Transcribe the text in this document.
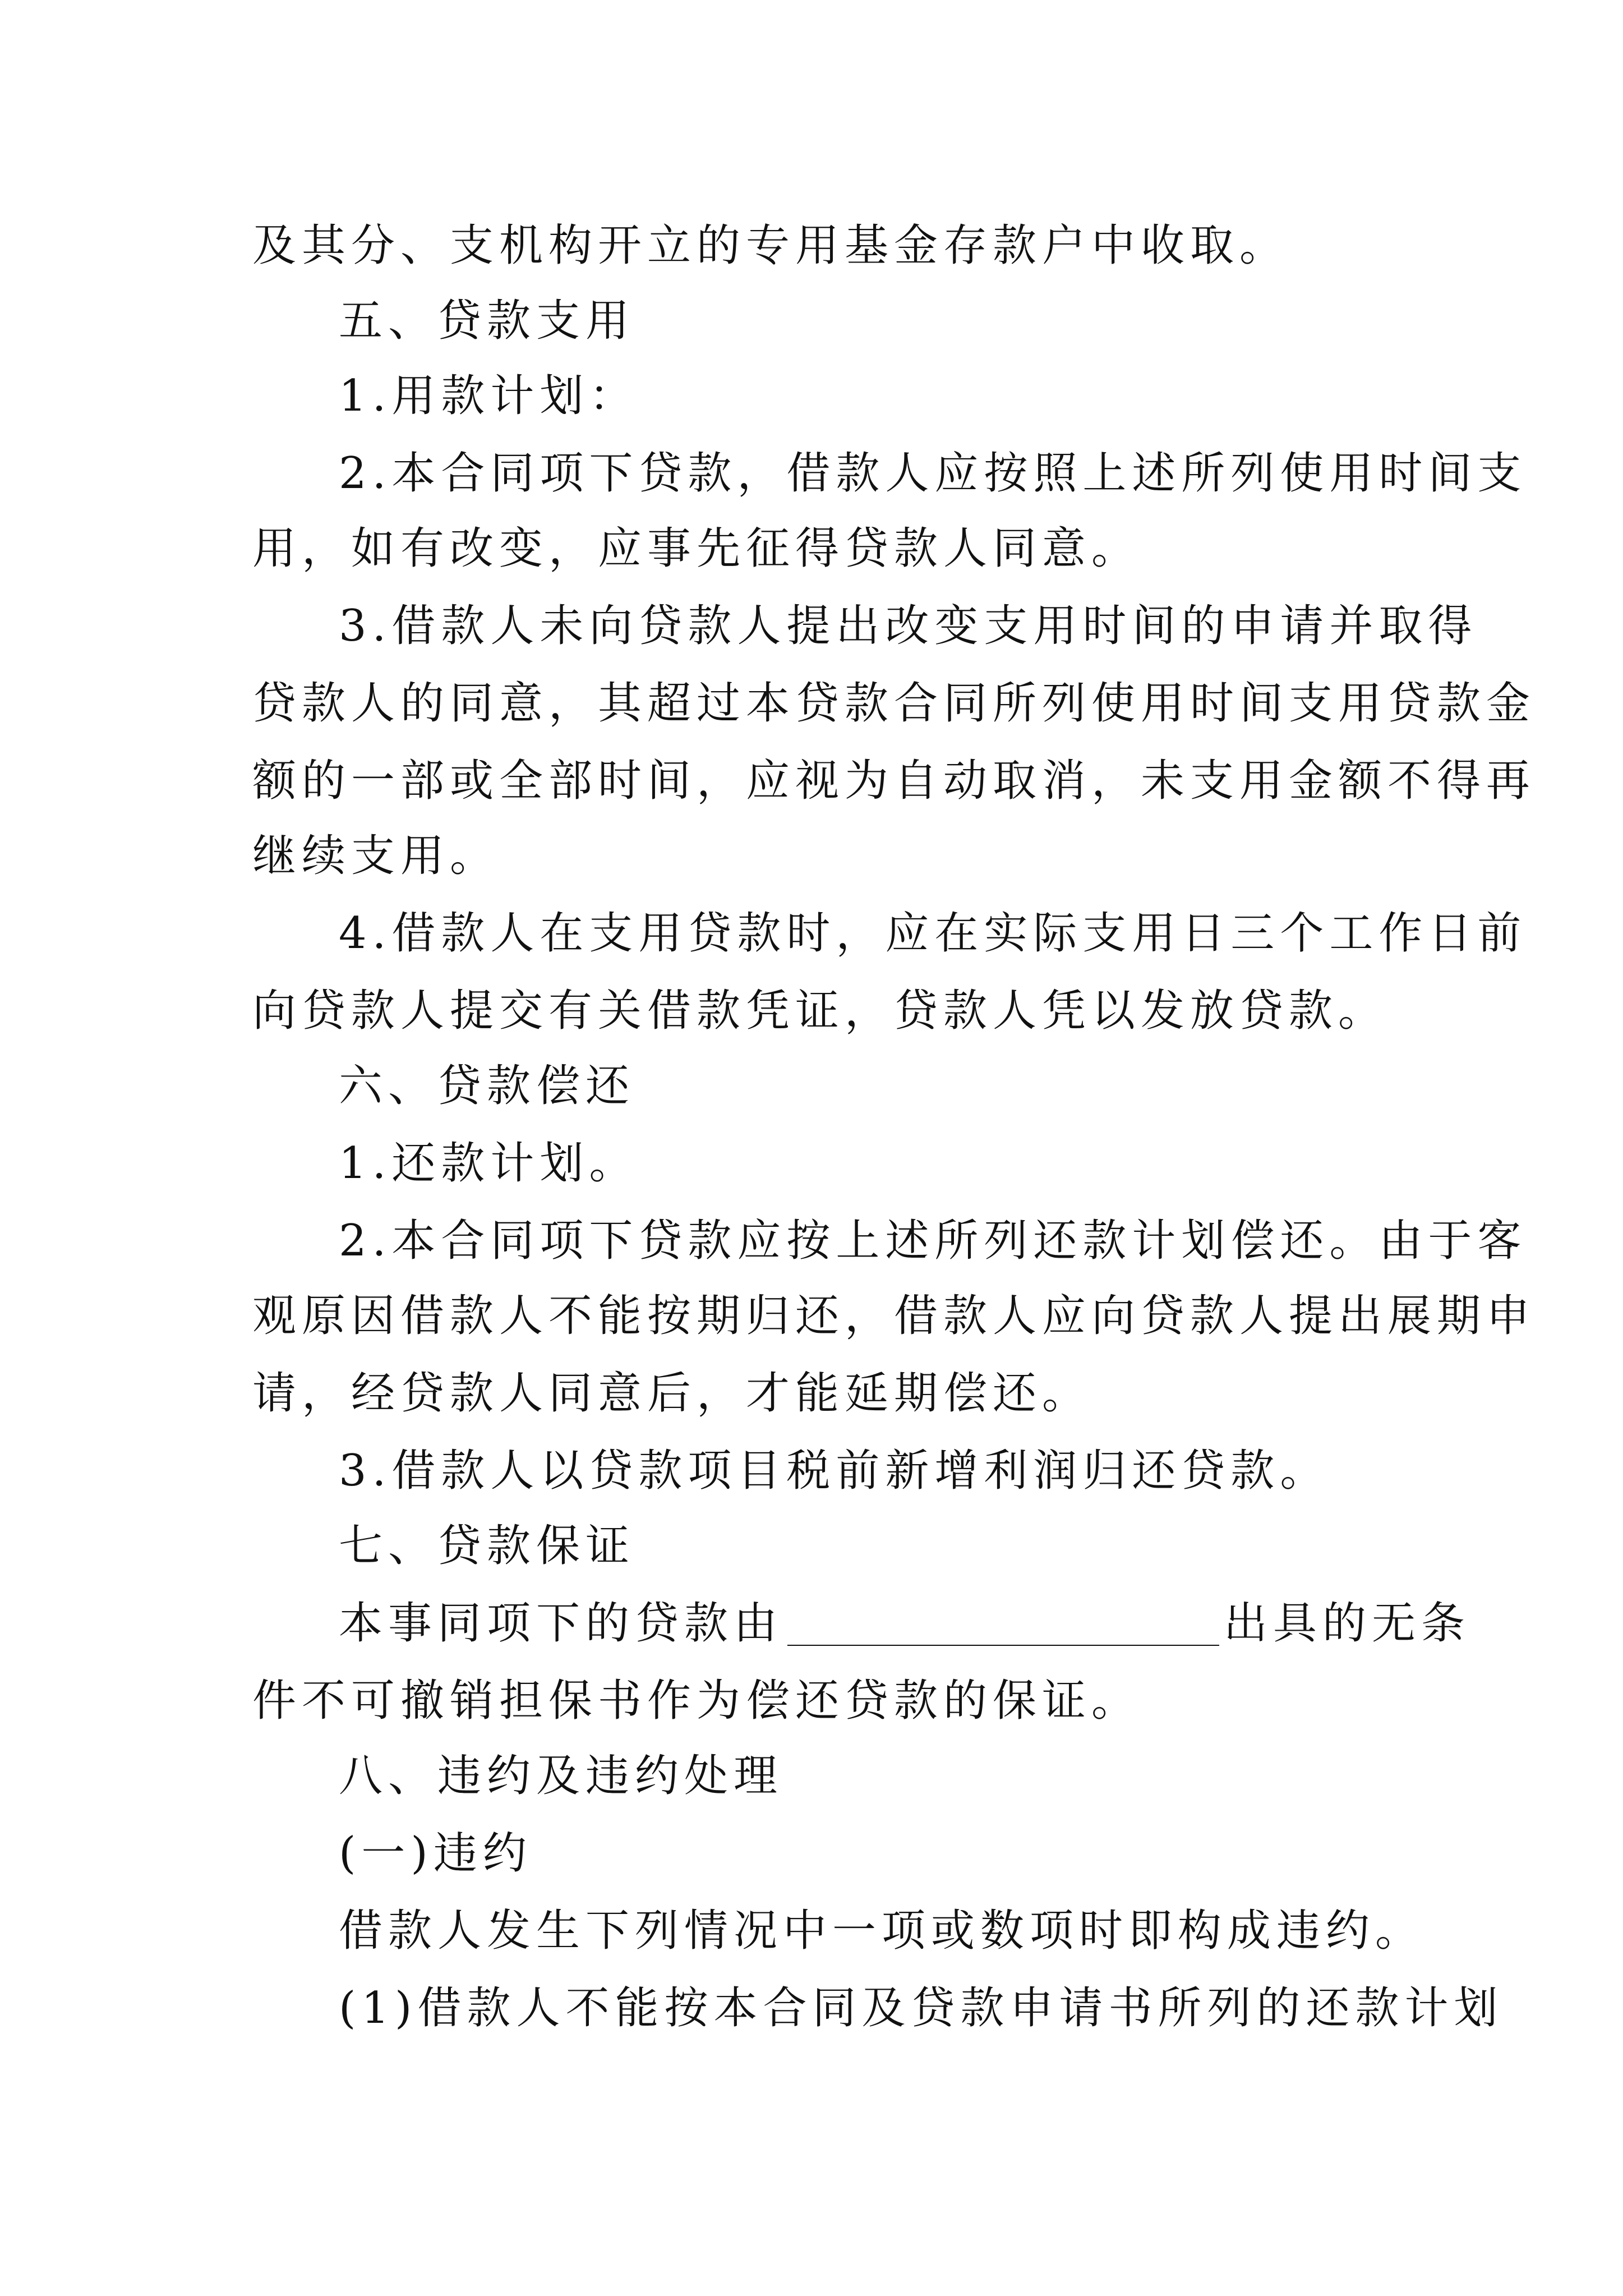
及其分、支机构开立的专用基金存款户中收取。
五、贷款支用
1.用款计划：
2.本合同项下贷款，借款人应按照上述所列使用时间支
用，如有改变，应事先征得贷款人同意。
3.借款人未向贷款人提出改变支用时间的申请并取得
贷款人的同意，其超过本贷款合同所列使用时间支用贷款金
额的一部或全部时间，应视为自动取消，未支用金额不得再
继续支用。
4.借款人在支用贷款时，应在实际支用日三个工作日前
向贷款人提交有关借款凭证，贷款人凭以发放贷款。
六、贷款偿还
1.还款计划。
2.本合同项下贷款应按上述所列还款计划偿还。由于客
观原因借款人不能按期归还，借款人应向贷款人提出展期申
请，经贷款人同意后，才能延期偿还。
3.借款人以贷款项目税前新增利润归还贷款。
七、贷款保证
本事同项下的贷款由	出具的无条
件不可撤销担保书作为偿还贷款的保证。
八、违约及违约处理
(一)违约
借款人发生下列情况中一项或数项时即构成违约。
(1)借款人不能按本合同及贷款申请书所列的还款计划
